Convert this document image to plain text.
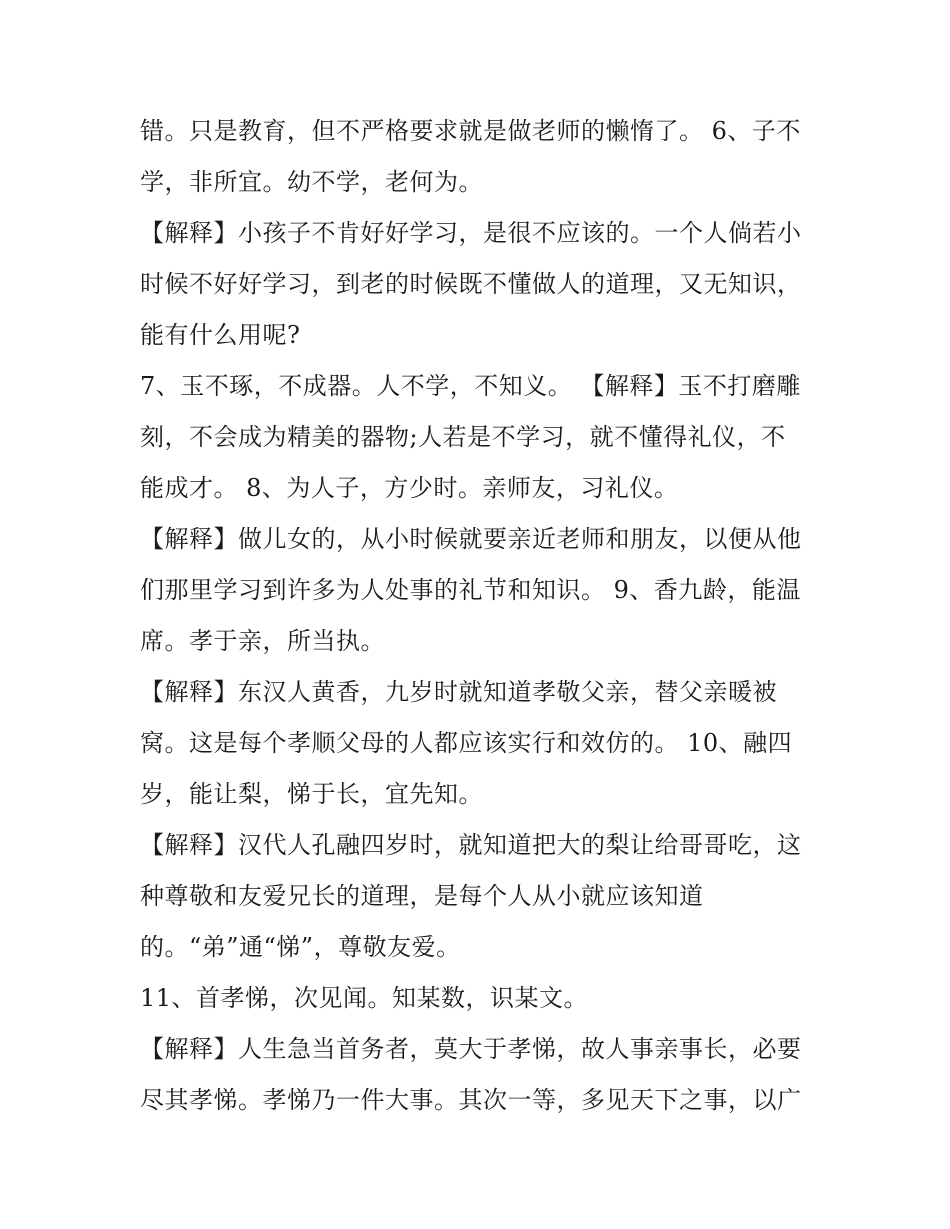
错。只是教育，但不严格要求就是做老师的懒惰了。 6、子不
学，非所宜。幼不学，老何为。
【解释】小孩子不肯好好学习，是很不应该的。一个人倘若小
时候不好好学习，到老的时候既不懂做人的道理，又无知识，
能有什么用呢?
7、玉不琢，不成器。人不学，不知义。 【解释】玉不打磨雕
刻，不会成为精美的器物;人若是不学习，就不懂得礼仪，不
能成才。 8、为人子，方少时。亲师友，习礼仪。
【解释】做儿女的，从小时候就要亲近老师和朋友，以便从他
们那里学习到许多为人处事的礼节和知识。 9、香九龄，能温
席。孝于亲，所当执。
【解释】东汉人黄香，九岁时就知道孝敬父亲，替父亲暖被
窝。这是每个孝顺父母的人都应该实行和效仿的。 10、融四
岁，能让梨，悌于长，宜先知。
【解释】汉代人孔融四岁时，就知道把大的梨让给哥哥吃，这
种尊敬和友爱兄长的道理，是每个人从小就应该知道
的。“弟”通“悌”，尊敬友爱。
11、首孝悌，次见闻。知某数，识某文。
【解释】人生急当首务者，莫大于孝悌，故人事亲事长，必要
尽其孝悌。孝悌乃一件大事。其次一等，多见天下之事，以广
